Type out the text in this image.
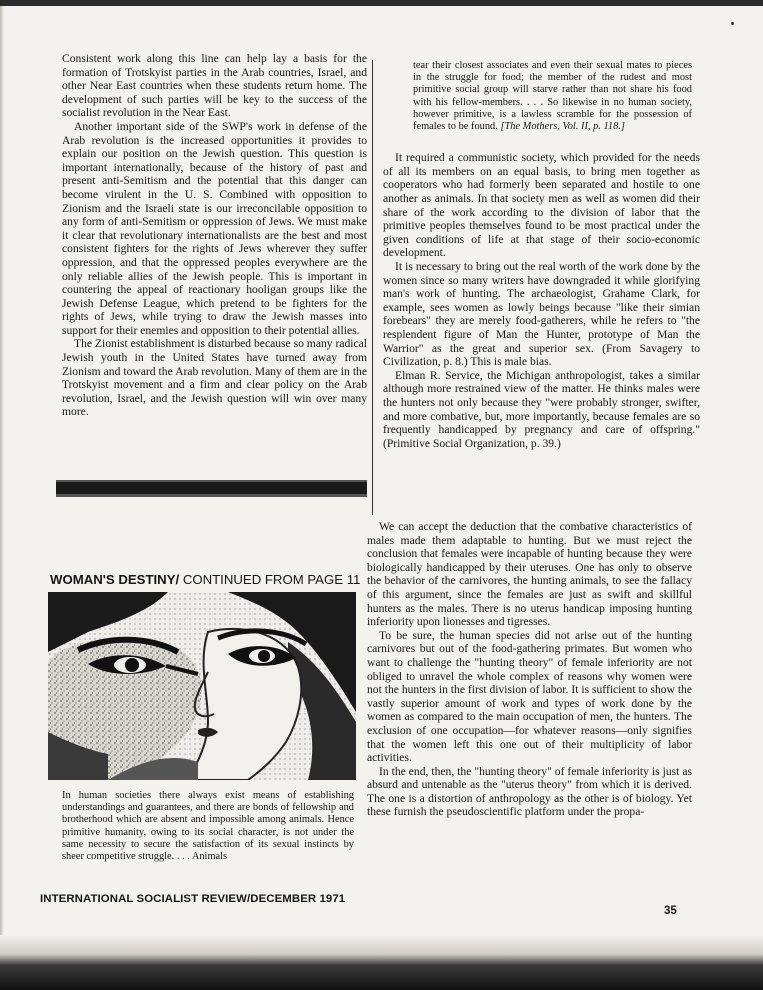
Consistent work along this line can help lay a basis for the formation of Trotskyist parties in the Arab countries, Israel, and other Near East countries when these students return home. The development of such parties will be key to the success of the socialist revolution in the Near East.

Another important side of the SWP's work in defense of the Arab revolution is the increased opportunities it provides to explain our position on the Jewish question. This question is important internationally, because of the history of past and present anti-Semitism and the potential that this danger can become virulent in the U. S. Combined with opposition to Zionism and the Israeli state is our irreconcilable opposition to any form of anti-Semitism or oppression of Jews. We must make it clear that revolutionary internationalists are the best and most consistent fighters for the rights of Jews wherever they suffer oppression, and that the oppressed peoples everywhere are the only reliable allies of the Jewish people. This is important in countering the appeal of reactionary hooligan groups like the Jewish Defense League, which pretend to be fighters for the rights of Jews, while trying to draw the Jewish masses into support for their enemies and opposition to their potential allies.

The Zionist establishment is disturbed because so many radical Jewish youth in the United States have turned away from Zionism and toward the Arab revolution. Many of them are in the Trotskyist movement and a firm and clear policy on the Arab revolution, Israel, and the Jewish question will win over many more.

tear their closest associates and even their sexual mates to pieces in the struggle for food; the member of the rudest and most primitive social group will starve rather than not share his food with his fellow-members. . . . So likewise in no human society, however primitive, is a lawless scramble for the possession of females to be found. [The Mothers, Vol. II, p. 118.]

It required a communistic society, which provided for the needs of all its members on an equal basis, to bring men together as cooperators who had formerly been separated and hostile to one another as animals. In that society men as well as women did their share of the work according to the division of labor that the primitive peoples themselves found to be most practical under the given conditions of life at that stage of their socio-economic development.

It is necessary to bring out the real worth of the work done by the women since so many writers have downgraded it while glorifying man's work of hunting. The archaeologist, Grahame Clark, for example, sees women as lowly beings because "like their simian forebears" they are merely food-gatherers, while he refers to "the resplendent figure of Man the Hunter, prototype of Man the Warrior" as the great and superior sex. (From Savagery to Civilization, p. 8.) This is male bias.

Elman R. Service, the Michigan anthropologist, takes a similar although more restrained view of the matter. He thinks males were the hunters not only because they "were probably stronger, swifter, and more combative, but, more importantly, because females are so frequently handicapped by pregnancy and care of offspring." (Primitive Social Organization, p. 39.)

We can accept the deduction that the combative characteristics of males made them adaptable to hunting. But we must reject the conclusion that females were incapable of hunting because they were biologically handicapped by their uteruses. One has only to observe the behavior of the carnivores, the hunting animals, to see the fallacy of this argument, since the females are just as swift and skillful hunters as the males. There is no uterus handicap imposing hunting inferiority upon lionesses and tigresses.

To be sure, the human species did not arise out of the hunting carnivores but out of the food-gathering primates. But women who want to challenge the "hunting theory" of female inferiority are not obliged to unravel the whole complex of reasons why women were not the hunters in the first division of labor. It is sufficient to show the vastly superior amount of work and types of work done by the women as compared to the main occupation of men, the hunters. The exclusion of one occupation—for whatever reasons—only signifies that the women left this one out of their multiplicity of labor activities.

In the end, then, the "hunting theory" of female inferiority is just as absurd and untenable as the "uterus theory" from which it is derived. The one is a distortion of anthropology as the other is of biology. Yet these furnish the pseudoscientific platform under the propa-

WOMAN'S DESTINY/ CONTINUED FROM PAGE 11

In human societies there always exist means of establishing understandings and guarantees, and there are bonds of fellowship and brotherhood which are absent and impossible among animals. Hence primitive humanity, owing to its social character, is not under the same necessity to secure the satisfaction of its sexual instincts by sheer competitive struggle. . . . Animals

INTERNATIONAL SOCIALIST REVIEW/DECEMBER 1971
35
